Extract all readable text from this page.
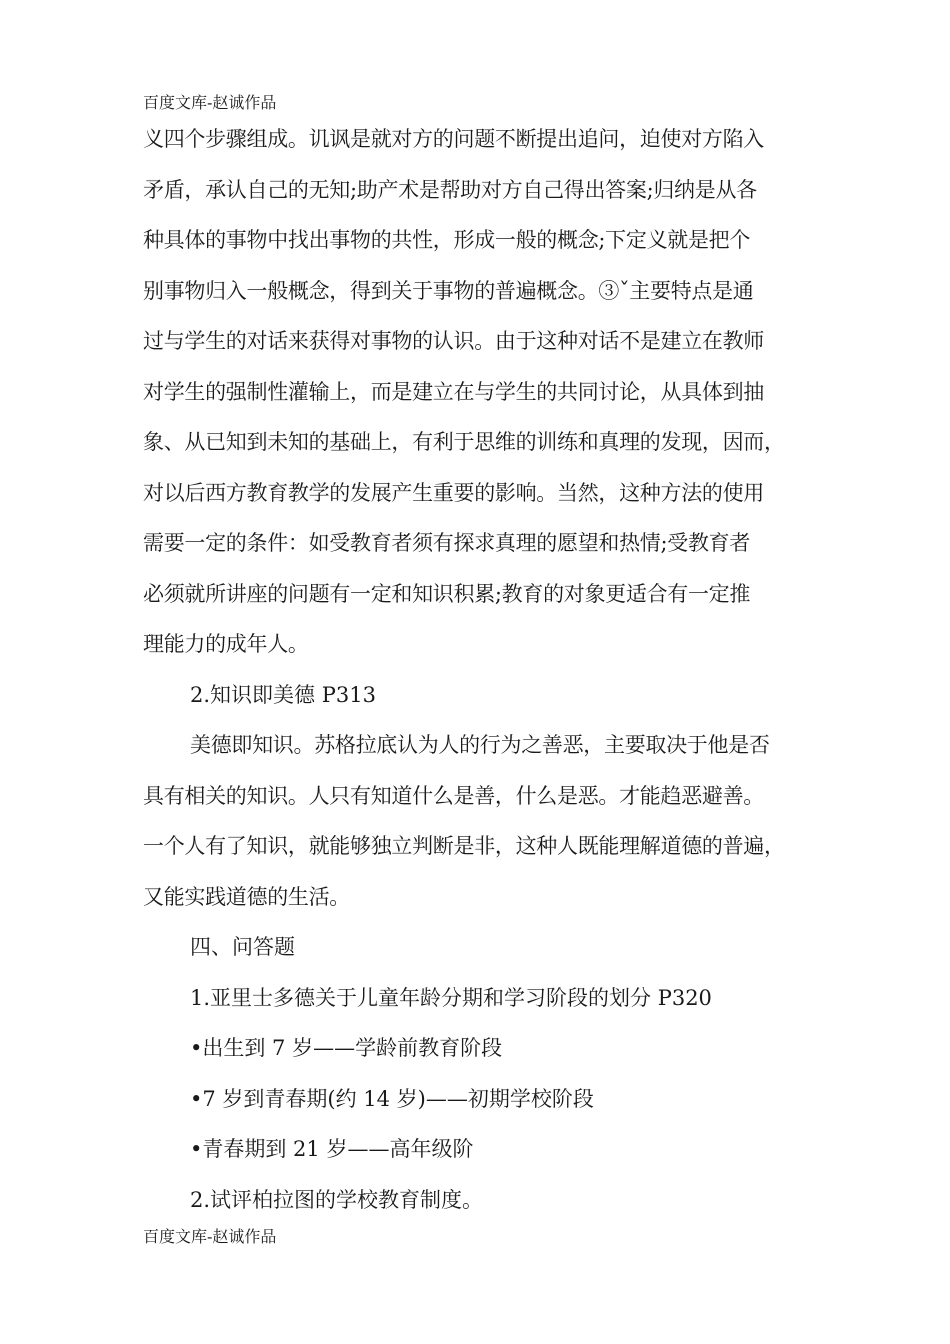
百度文库-赵诚作品
义四个步骤组成。讥讽是就对方的问题不断提出追问，迫使对方陷入
矛盾，承认自己的无知;助产术是帮助对方自己得出答案;归纳是从各
种具体的事物中找出事物的共性，形成一般的概念;下定义就是把个
别事物归入一般概念，得到关于事物的普遍概念。③ˇ主要特点是通
过与学生的对话来获得对事物的认识。由于这种对话不是建立在教师
对学生的强制性灌输上，而是建立在与学生的共同讨论，从具体到抽
象、从已知到未知的基础上，有利于思维的训练和真理的发现，因而，
对以后西方教育教学的发展产生重要的影响。当然，这种方法的使用
需要一定的条件：如受教育者须有探求真理的愿望和热情;受教育者
必须就所讲座的问题有一定和知识积累;教育的对象更适合有一定推
理能力的成年人。
2.知识即美德 P313
美德即知识。苏格拉底认为人的行为之善恶，主要取决于他是否
具有相关的知识。人只有知道什么是善，什么是恶。才能趋恶避善。
一个人有了知识，就能够独立判断是非，这种人既能理解道德的普遍，
又能实践道德的生活。
四、问答题
1.亚里士多德关于儿童年龄分期和学习阶段的划分 P320
•出生到 7 岁——学龄前教育阶段
•7 岁到青春期(约 14 岁)——初期学校阶段
•青春期到 21 岁——高年级阶
2.试评柏拉图的学校教育制度。
百度文库-赵诚作品
